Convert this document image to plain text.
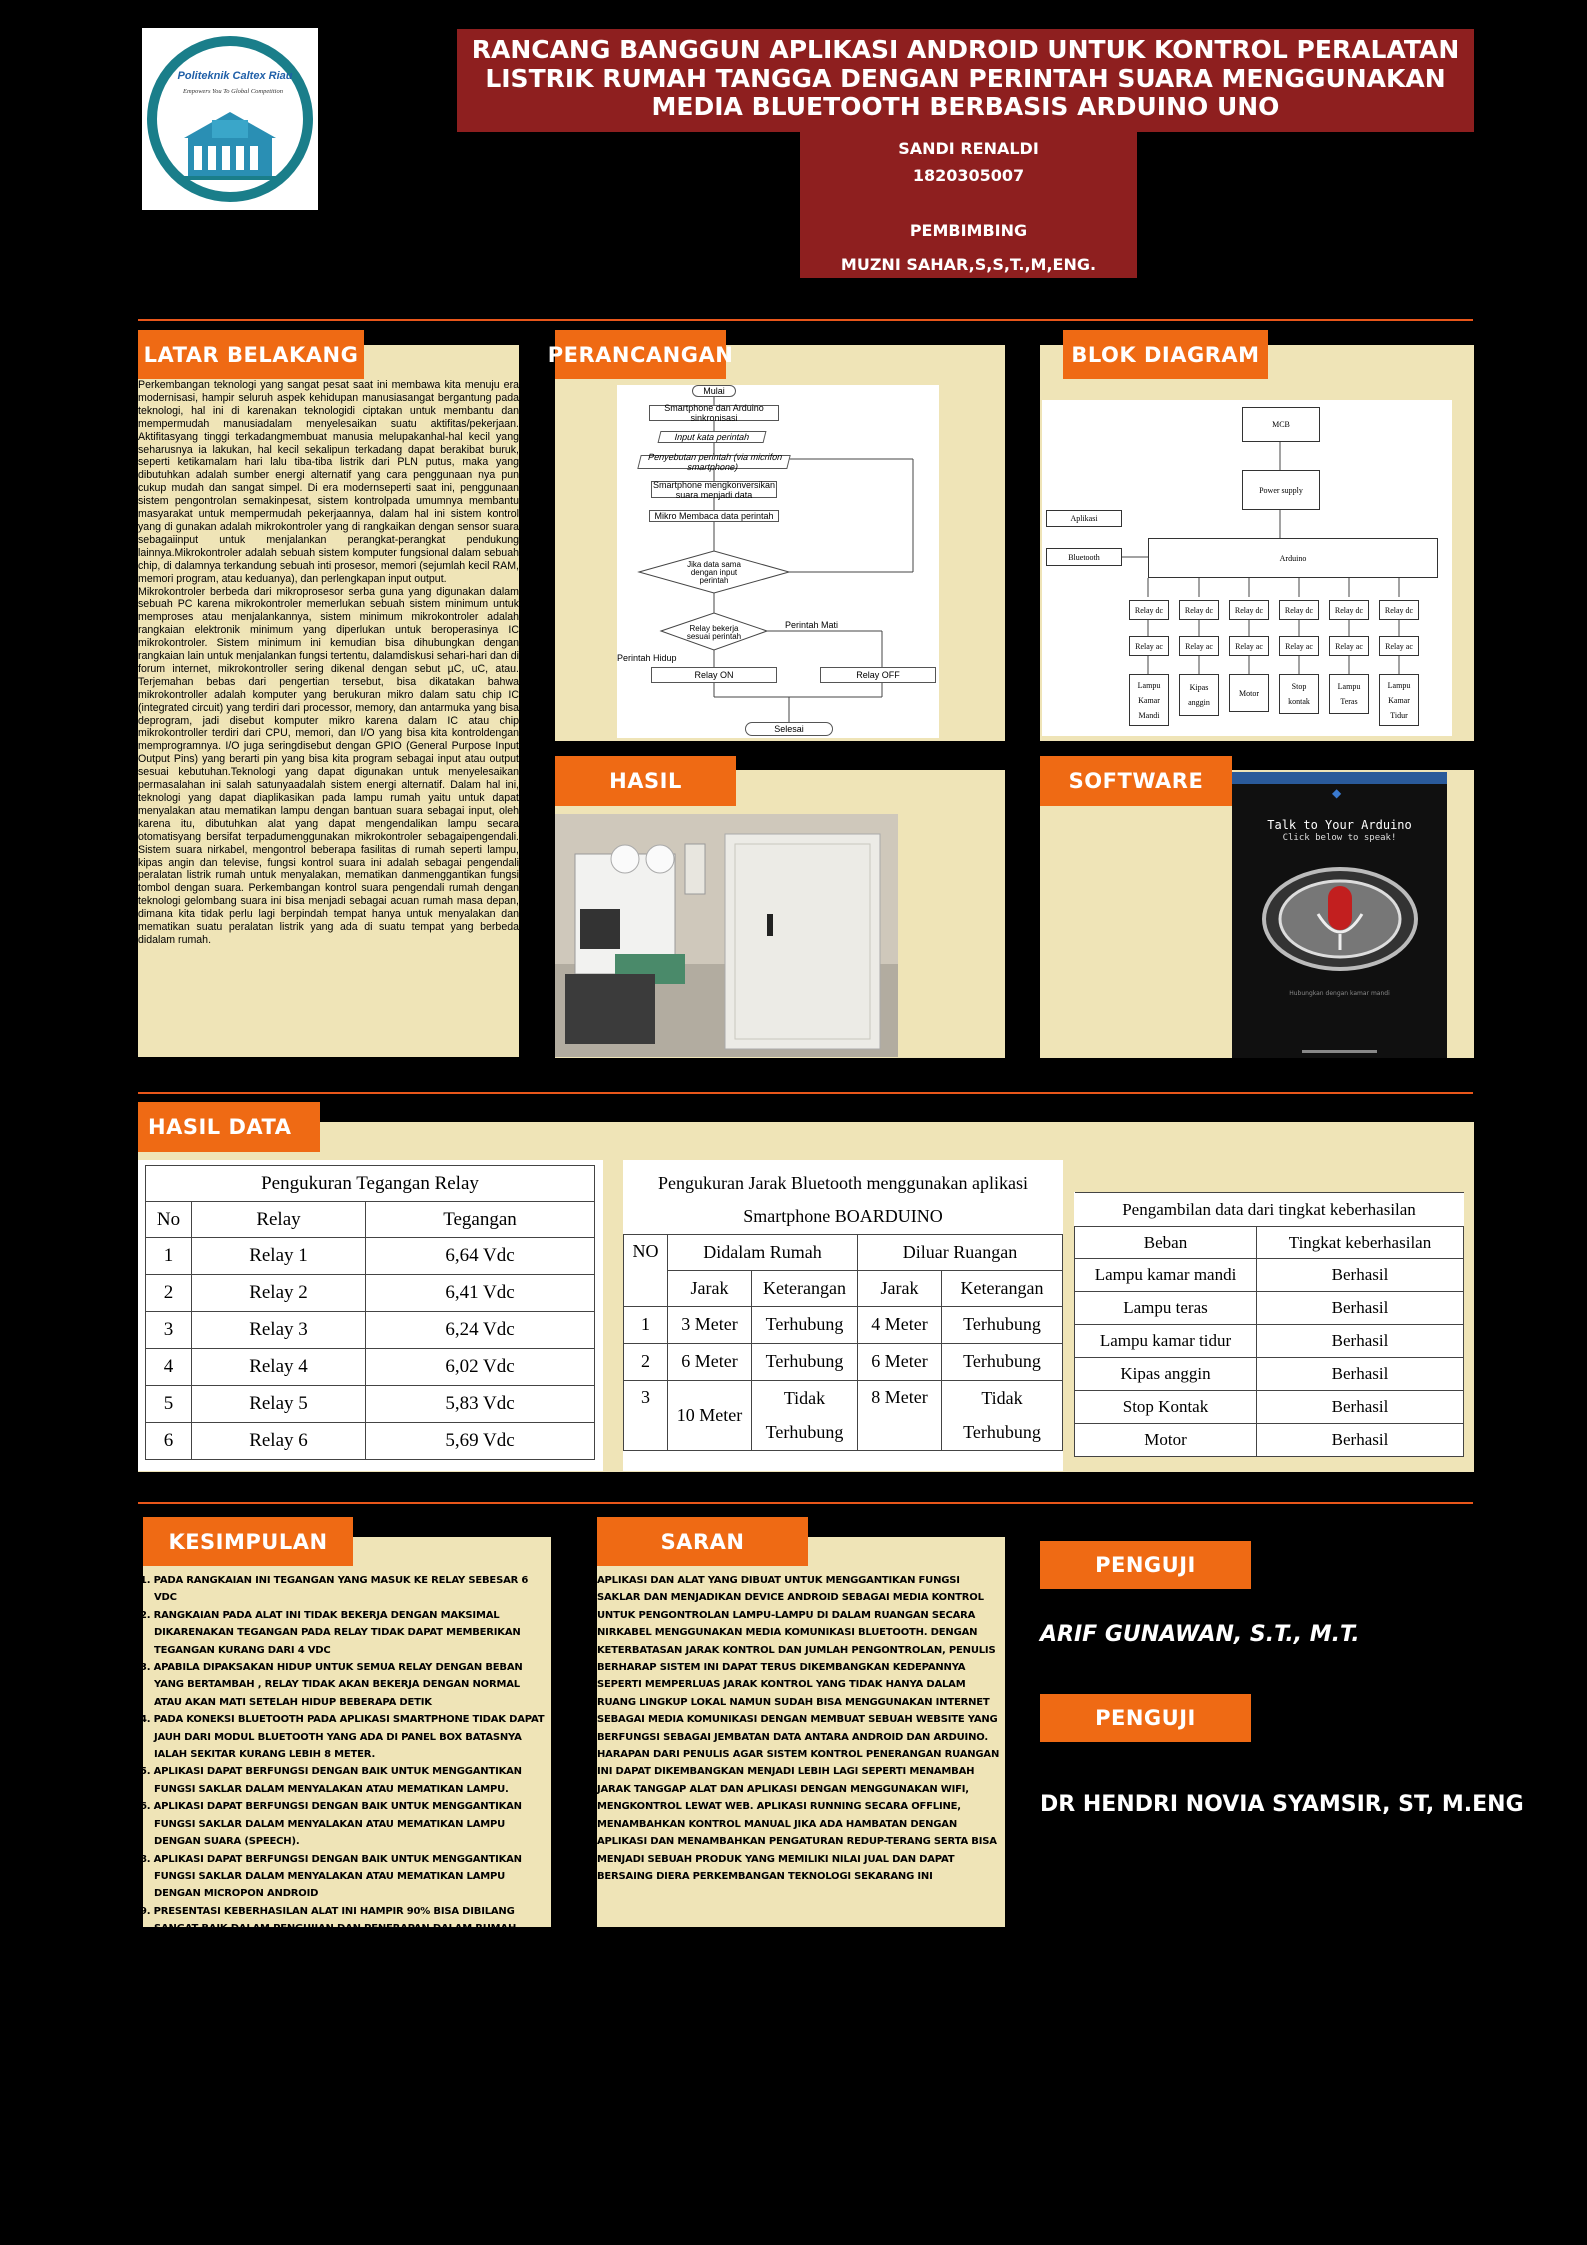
Politeknik Caltex Riau
Empowers You To Global Competition
RANCANG BANGGUN APLIKASI ANDROID UNTUK KONTROL PERALATAN
LISTRIK RUMAH TANGGA DENGAN PERINTAH SUARA MENGGUNAKAN
MEDIA BLUETOOTH BERBASIS ARDUINO UNO
SANDI RENALDI
1820305007
PEMBIMBING
MUZNI SAHAR,S,S,T.,M,ENG.
LATAR BELAKANG
Perkembangan teknologi yang sangat pesat saat ini membawa kita menuju era modernisasi, hampir seluruh aspek kehidupan manusiasangat bergantung pada teknologi, hal ini di karenakan teknologidi ciptakan untuk membantu dan mempermudah manusiadalam menyelesaikan suatu aktifitas/pekerjaan. Aktifitasyang tinggi terkadangmembuat manusia melupakanhal-hal kecil yang seharusnya ia lakukan, hal kecil sekalipun terkadang dapat berakibat buruk, seperti ketikamalam hari lalu tiba-tiba listrik dari PLN putus, maka yang dibutuhkan adalah sumber energi alternatif yang cara penggunaan nya pun cukup mudah dan sangat simpel. Di era modernseperti saat ini, penggunaan sistem pengontrolan semakinpesat, sistem kontrolpada umumnya membantu masyarakat untuk mempermudah pekerjaannya, dalam hal ini sistem kontrol yang di gunakan adalah mikrokontroler yang di rangkaikan dengan sensor suara sebagaiinput untuk menjalankan perangkat-perangkat pendukung lainnya.Mikrokontroler adalah sebuah sistem komputer fungsional dalam sebuah chip, di dalamnya terkandung sebuah inti prosesor, memori (sejumlah kecil RAM, memori program, atau keduanya), dan perlengkapan input output.
Mikrokontroler berbeda dari mikroprosesor serba guna yang digunakan dalam sebuah PC karena mikrokontroler memerlukan sebuah sistem minimum untuk memproses atau menjalankannya, sistem minimum mikrokontroler adalah rangkaian elektronik minimum yang diperlukan untuk beroperasinya IC mikrokontroler. Sistem minimum ini kemudian bisa dihubungkan dengan rangkaian lain untuk menjalankan fungsi tertentu, dalamdiskusi sehari-hari dan di forum internet, mikrokontroller sering dikenal dengan sebut µC, uC, atau. Terjemahan bebas dari pengertian tersebut, bisa dikatakan bahwa mikrokontroller adalah komputer yang berukuran mikro dalam satu chip IC (integrated circuit) yang terdiri dari processor, memory, dan antarmuka yang bisa deprogram, jadi disebut komputer mikro karena dalam IC atau chip mikrokontroller terdiri dari CPU, memori, dan I/O yang bisa kita kontroldengan memprogramnya. I/O juga seringdisebut dengan GPIO (General Purpose Input Output Pins) yang berarti pin yang bisa kita program sebagai input atau output sesuai kebutuhan.Teknologi yang dapat digunakan untuk menyelesaikan permasalahan ini salah satunyaadalah sistem energi alternatif. Dalam hal ini, teknologi yang dapat diaplikasikan pada lampu rumah yaitu untuk dapat menyalakan atau mematikan lampu dengan bantuan suara sebagai input, oleh karena itu, dibutuhkan alat yang dapat mengendalikan lampu secara otomatisyang bersifat terpadumenggunakan mikrokontroler sebagaipengendali. Sistem suara nirkabel, mengontrol beberapa fasilitas di rumah seperti lampu, kipas angin dan televise, fungsi kontrol suara ini adalah sebagai pengendali peralatan listrik rumah untuk menyalakan, mematikan danmenggantikan fungsi tombol dengan suara. Perkembangan kontrol suara pengendali rumah dengan teknologi gelombang suara ini bisa menjadi sebagai acuan rumah masa depan, dimana kita tidak perlu lagi berpindah tempat hanya untuk menyalakan dan mematikan suatu peralatan listrik yang ada di suatu tempat yang berbeda didalam rumah.
PERANCANGAN
Mulai
Smartphone dan Arduino sinkronisasi
Input kata perintah
Penyebutan perintah (via micrifon smartphone)
Smartphone mengkonversikan suara menjadi data
Mikro Membaca data perintah
Jika data sama dengan input perintah
Relay bekerja sesuai perintah
Perintah Mati
Perintah Hidup
Relay ON	Relay OFF
Selesai
BLOK DIAGRAM
MCB
Power supply
Aplikasi
Bluetooth	Arduino
Relay dc	Relay dc	Relay dc	Relay dc	Relay dc	Relay dc
Relay ac	Relay ac	Relay ac	Relay ac	Relay ac	Relay ac
Lampu Kamar Mandi
Kipas anggin
Motor
Stop kontak
Lampu Teras
Lampu Kamar Tidur
HASIL	SOFTWARE	◆
Talk to Your Arduino
Click below to speak!
Hubungkan dengan kamar mandi
HASIL DATA
Pengukuran Tegangan Relay		
No	Relay	Tegangan
1	Relay 1	6,64 Vdc
2	Relay 2	6,41 Vdc
3	Relay 3	6,24 Vdc
4	Relay 4	6,02 Vdc
5	Relay 5	5,83 Vdc
6	Relay 6	5,69 Vdc
Pengukuran Jarak Bluetooth menggunakan aplikasi				
Smartphone BOARDUINO				
NO	Didalam Rumah		Diluar Ruangan	
	Jarak	Keterangan	Jarak	Keterangan
1	3 Meter	Terhubung	4 Meter	Terhubung
2	6 Meter	Terhubung	6 Meter	Terhubung
3	10 Meter	Tidak Terhubung	8 Meter	Tidak Terhubung
Pengambilan data dari tingkat keberhasilan	
Beban	Tingkat keberhasilan
Lampu kamar mandi	Berhasil
Lampu teras	Berhasil
Lampu kamar tidur	Berhasil
Kipas anggin	Berhasil
Stop Kontak	Berhasil
Motor	Berhasil
KESIMPULAN
1. PADA RANGKAIAN INI TEGANGAN YANG MASUK KE RELAY SEBESAR 6 VDC
2. RANGKAIAN PADA ALAT INI TIDAK BEKERJA DENGAN MAKSIMAL DIKARENAKAN TEGANGAN PADA RELAY TIDAK DAPAT MEMBERIKAN TEGANGAN KURANG DARI 4 VDC
3. APABILA DIPAKSAKAN HIDUP UNTUK SEMUA RELAY DENGAN BEBAN YANG BERTAMBAH , RELAY TIDAK AKAN BEKERJA DENGAN NORMAL ATAU AKAN MATI SETELAH HIDUP BEBERAPA DETIK
4. PADA KONEKSI BLUETOOTH PADA APLIKASI SMARTPHONE TIDAK DAPAT JAUH DARI MODUL BLUETOOTH YANG ADA DI PANEL BOX BATASNYA IALAH SEKITAR KURANG LEBIH 8 METER.
5. APLIKASI DAPAT BERFUNGSI DENGAN BAIK UNTUK MENGGANTIKAN FUNGSI SAKLAR DALAM MENYALAKAN ATAU MEMATIKAN LAMPU.
6. APLIKASI DAPAT BERFUNGSI DENGAN BAIK UNTUK MENGGANTIKAN FUNGSI SAKLAR DALAM MENYALAKAN ATAU MEMATIKAN LAMPU DENGAN SUARA (SPEECH).
8. APLIKASI DAPAT BERFUNGSI DENGAN BAIK UNTUK MENGGANTIKAN FUNGSI SAKLAR DALAM MENYALAKAN ATAU MEMATIKAN LAMPU DENGAN MICROPON ANDROID
9. PRESENTASI KEBERHASILAN ALAT INI HAMPIR 90% BISA DIBILANG SANGAT BAIK DALAM PENGUJIAN DAN PENERAPAN DALAM RUMAH TANGGA
SARAN
APLIKASI DAN ALAT YANG DIBUAT UNTUK MENGGANTIKAN FUNGSI SAKLAR DAN MENJADIKAN DEVICE ANDROID SEBAGAI MEDIA KONTROL UNTUK PENGONTROLAN LAMPU-LAMPU DI DALAM RUANGAN SECARA NIRKABEL MENGGUNAKAN MEDIA KOMUNIKASI BLUETOOTH. DENGAN KETERBATASAN JARAK KONTROL DAN JUMLAH PENGONTROLAN, PENULIS BERHARAP SISTEM INI DAPAT TERUS DIKEMBANGKAN KEDEPANNYA SEPERTI MEMPERLUAS JARAK KONTROL YANG TIDAK HANYA DALAM RUANG LINGKUP LOKAL NAMUN SUDAH BISA MENGGUNAKAN INTERNET SEBAGAI MEDIA KOMUNIKASI DENGAN MEMBUAT SEBUAH WEBSITE YANG BERFUNGSI SEBAGAI JEMBATAN DATA ANTARA ANDROID DAN ARDUINO. HARAPAN DARI PENULIS AGAR SISTEM KONTROL PENERANGAN RUANGAN INI DAPAT DIKEMBANGKAN MENJADI LEBIH LAGI SEPERTI MENAMBAH JARAK TANGGAP ALAT DAN APLIKASI DENGAN MENGGUNAKAN WIFI, MENGKONTROL LEWAT WEB. APLIKASI RUNNING SECARA OFFLINE, MENAMBAHKAN KONTROL MANUAL JIKA ADA HAMBATAN DENGAN APLIKASI DAN MENAMBAHKAN PENGATURAN REDUP-TERANG SERTA BISA MENJADI SEBUAH PRODUK YANG MEMILIKI NILAI JUAL DAN DAPAT BERSAING DIERA PERKEMBANGAN TEKNOLOGI SEKARANG INI
PENGUJI
ARIF GUNAWAN, S.T., M.T.
PENGUJI
DR HENDRI NOVIA SYAMSIR, ST, M.ENG
